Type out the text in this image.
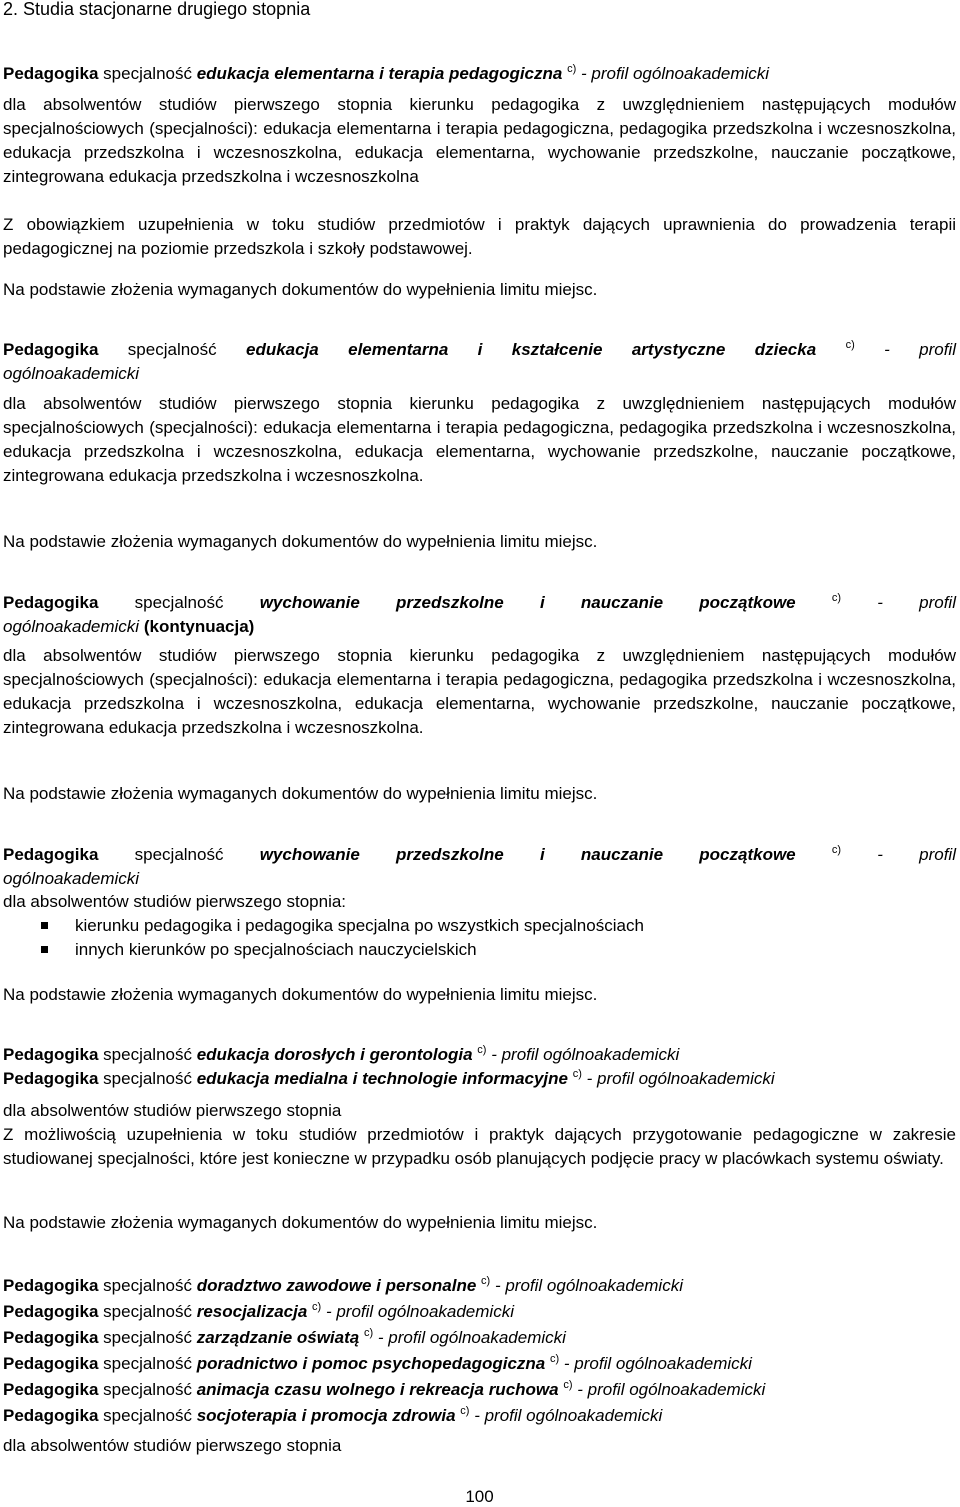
2. Studia stacjonarne drugiego stopnia
Pedagogika specjalność edukacja elementarna i terapia pedagogiczna $^{c)}$ - profil ogólnoakademicki
dla absolwentów studiów pierwszego stopnia kierunku pedagogika z uwzględnieniem następujących modułów specjalnościowych (specjalności): edukacja elementarna i terapia pedagogiczna, pedagogika przedszkolna i wczesnoszkolna, edukacja przedszkolna i wczesnoszkolna, edukacja elementarna, wychowanie przedszkolne, nauczanie początkowe, zintegrowana edukacja przedszkolna i wczesnoszkolna
Z obowiązkiem uzupełnienia w toku studiów przedmiotów i praktyk dających uprawnienia do prowadzenia terapii pedagogicznej na poziomie przedszkola i szkoły podstawowej.
Na podstawie złożenia wymaganych dokumentów do wypełnienia limitu miejsc.
Pedagogika specjalność edukacja elementarna i kształcenie artystyczne dziecka	$^{c)}$ - profil
ogólnoakademicki
dla absolwentów studiów pierwszego stopnia kierunku pedagogika z uwzględnieniem następujących modułów specjalnościowych (specjalności): edukacja elementarna i terapia pedagogiczna, pedagogika przedszkolna i wczesnoszkolna, edukacja przedszkolna i wczesnoszkolna, edukacja elementarna, wychowanie przedszkolne, nauczanie początkowe, zintegrowana edukacja przedszkolna i wczesnoszkolna.
Na podstawie złożenia wymaganych dokumentów do wypełnienia limitu miejsc.
Pedagogika specjalność wychowanie przedszkolne i nauczanie początkowe	$^{c)}$ - profil
ogólnoakademicki (kontynuacja)
dla absolwentów studiów pierwszego stopnia kierunku pedagogika z uwzględnieniem następujących modułów specjalnościowych (specjalności): edukacja elementarna i terapia pedagogiczna, pedagogika przedszkolna i wczesnoszkolna, edukacja przedszkolna i wczesnoszkolna, edukacja elementarna, wychowanie przedszkolne, nauczanie początkowe, zintegrowana edukacja przedszkolna i wczesnoszkolna.
Na podstawie złożenia wymaganych dokumentów do wypełnienia limitu miejsc.
Pedagogika specjalność wychowanie przedszkolne i nauczanie początkowe	$^{c)}$ - profil
ogólnoakademicki
dla absolwentów studiów pierwszego stopnia:
kierunku pedagogika i pedagogika specjalna po wszystkich specjalnościach
innych kierunków po specjalnościach nauczycielskich
Na podstawie złożenia wymaganych dokumentów do wypełnienia limitu miejsc.
Pedagogika specjalność edukacja dorosłych i gerontologia $^{c)}$ - profil ogólnoakademicki
Pedagogika specjalność edukacja medialna i technologie informacyjne $^{c)}$ - profil ogólnoakademicki
dla absolwentów studiów pierwszego stopnia
Z możliwością uzupełnienia w toku studiów przedmiotów i praktyk dających przygotowanie pedagogiczne w zakresie studiowanej specjalności, które jest konieczne w przypadku osób planujących podjęcie pracy w placówkach systemu oświaty.
Na podstawie złożenia wymaganych dokumentów do wypełnienia limitu miejsc.
Pedagogika specjalność doradztwo zawodowe i personalne $^{c)}$ - profil ogólnoakademicki
Pedagogika specjalność resocjalizacja $^{c)}$ - profil ogólnoakademicki
Pedagogika specjalność zarządzanie oświatą $^{c)}$ - profil ogólnoakademicki
Pedagogika specjalność poradnictwo i pomoc psychopedagogiczna $^{c)}$ - profil ogólnoakademicki
Pedagogika specjalność animacja czasu wolnego i rekreacja ruchowa $^{c)}$ - profil ogólnoakademicki
Pedagogika specjalność socjoterapia i promocja zdrowia $^{c)}$ - profil ogólnoakademicki
dla absolwentów studiów pierwszego stopnia
100
